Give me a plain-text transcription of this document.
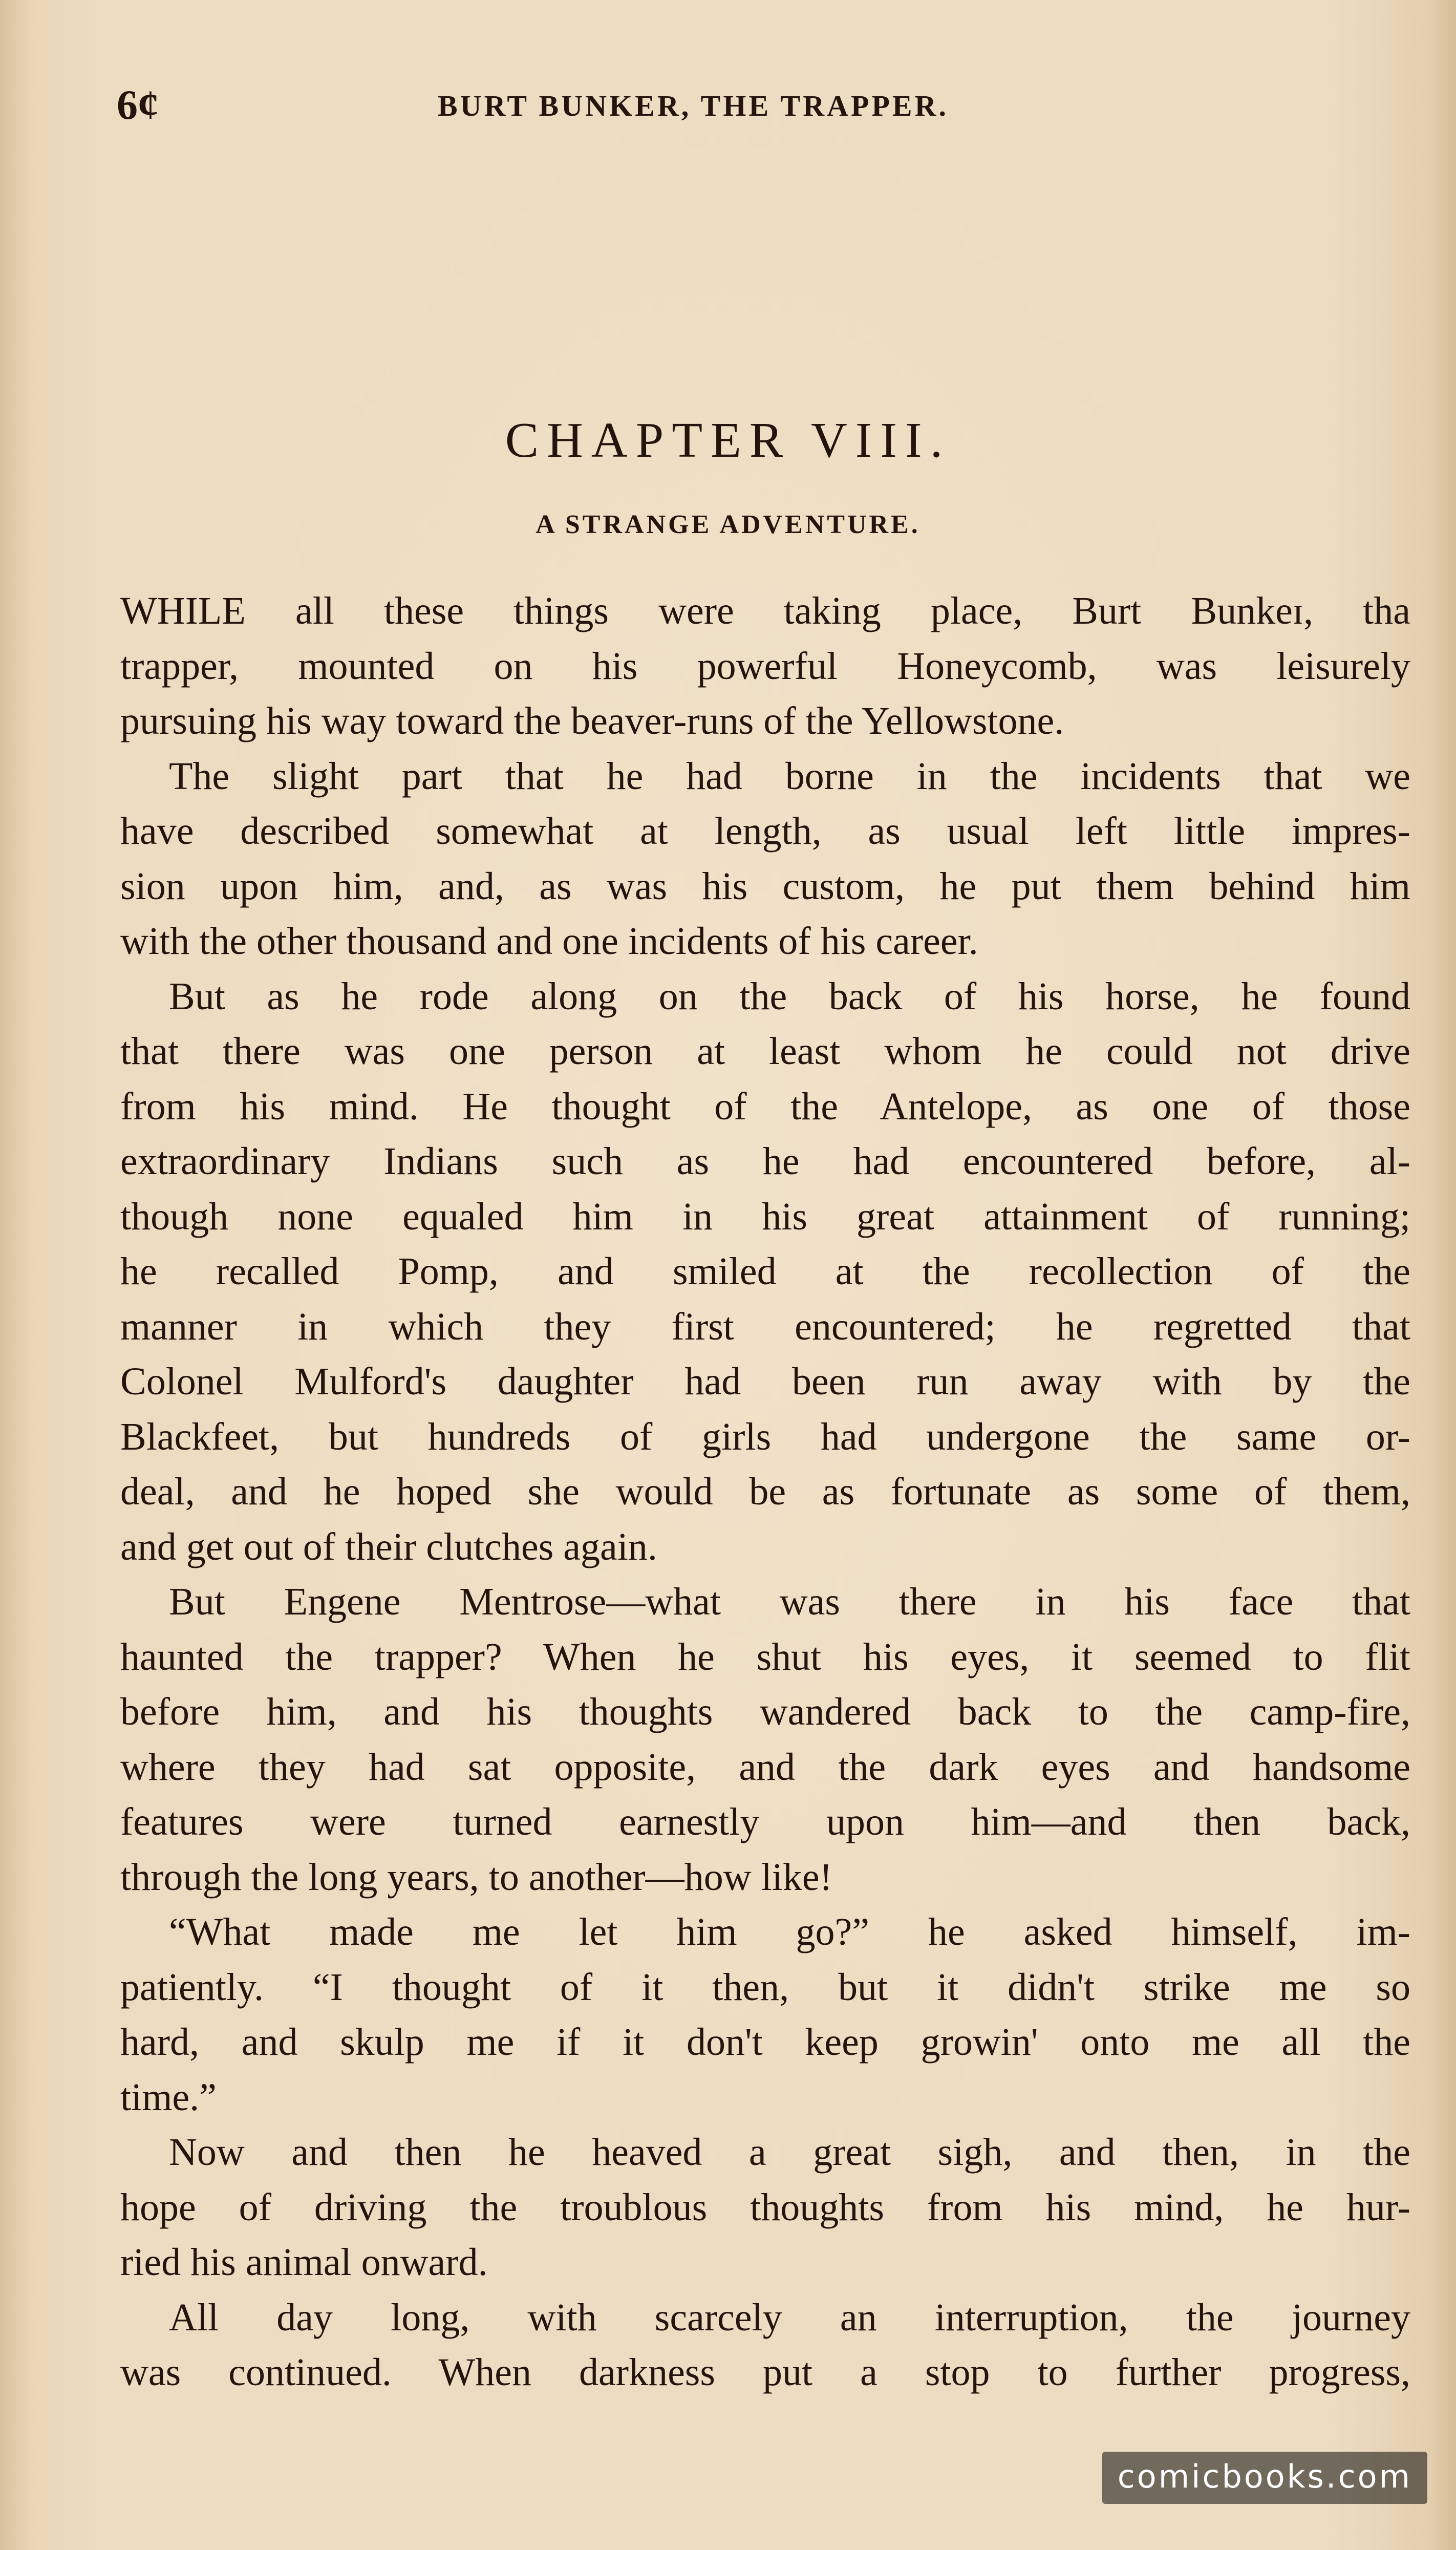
6¢	BURT BUNKER, THE TRAPPER.
CHAPTER VIII.
A STRANGE ADVENTURE.
WHILE all these things were taking place, Burt Bunkeɪ, tha
trapper, mounted on his powerful Honeycomb, was leisurely
pursuing his way toward the beaver-runs of the Yellowstone.
The slight part that he had borne in the incidents that we
have described somewhat at length, as usual left little impres-
sion upon him, and, as was his custom, he put them behind him
with the other thousand and one incidents of his career.
But as he rode along on the back of his horse, he found
that there was one person at least whom he could not drive
from his mind. He thought of the Antelope, as one of those
extraordinary Indians such as he had encountered before, al-
though none equaled him in his great attainment of running;
he recalled Pomp, and smiled at the recollection of the
manner in which they first encountered; he regretted that
Colonel Mulford's daughter had been run away with by the
Blackfeet, but hundreds of girls had undergone the same or-
deal, and he hoped she would be as fortunate as some of them,
and get out of their clutches again.
But Engene Mentrose—what was there in his face that
haunted the trapper? When he shut his eyes, it seemed to flit
before him, and his thoughts wandered back to the camp-fire,
where they had sat opposite, and the dark eyes and handsome
features were turned earnestly upon him—and then back,
through the long years, to another—how like!
“What made me let him go?” he asked himself, im-
patiently. “I thought of it then, but it didn't strike me so
hard, and skulp me if it don't keep growin' onto me all the
time.”
Now and then he heaved a great sigh, and then, in the
hope of driving the troublous thoughts from his mind, he hur-
ried his animal onward.
All day long, with scarcely an interruption, the journey
was continued. When darkness put a stop to further progress,
comicbooks.com
